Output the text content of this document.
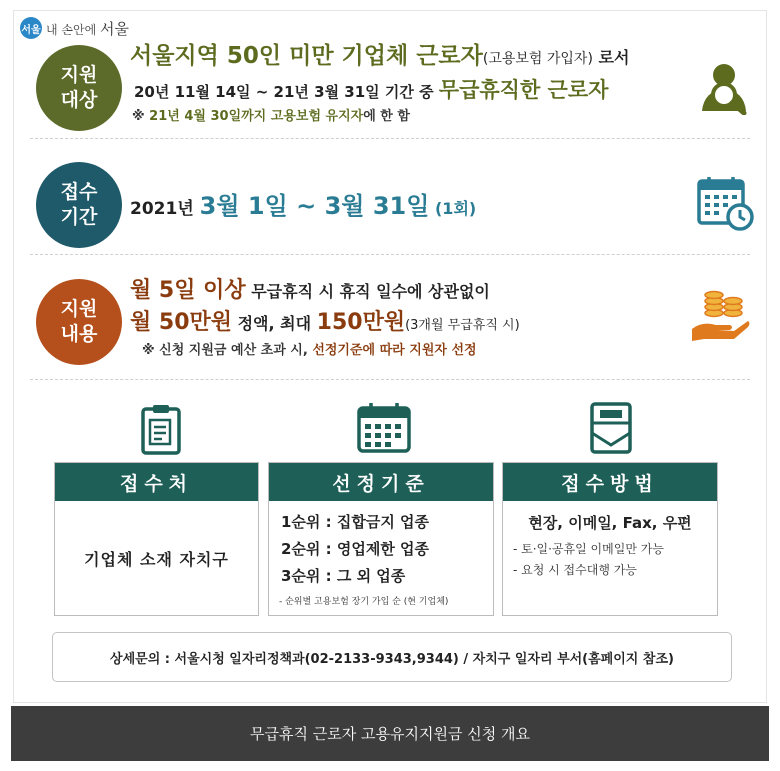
서울 내 손안에 서울
지원
대상
서울지역 50인 미만 기업체 근로자(고용보험 가입자) 로서
20년 11월 14일 ~ 21년 3월 31일 기간 중 무급휴직한 근로자
※ 21년 4월 30일까지 고용보험 유지자에 한 함
접수
기간	2021년 3월 1일 ~ 3월 31일 (1회)
지원
내용
월 5일 이상 무급휴직 시 휴직 일수에 상관없이
월 50만원 정액, 최대 150만원(3개월 무급휴직 시)
※ 신청 지원금 예산 초과 시, 선정기준에 따라 지원자 선정
접수처
기업체 소재 자치구
선정기준
1순위 : 집합금지 업종
2순위 : 영업제한 업종
3순위 : 그 외 업종
- 순위별 고용보험 장기 가입 순 (현 기업체)
접수방법
현장, 이메일, Fax, 우편
- 토·일·공휴일 이메일만 가능
- 요청 시 접수대행 가능
상세문의 : 서울시청 일자리정책과(02-2133-9343,9344) / 자치구 일자리 부서(홈페이지 참조)
무급휴직 근로자 고용유지지원금 신청 개요
